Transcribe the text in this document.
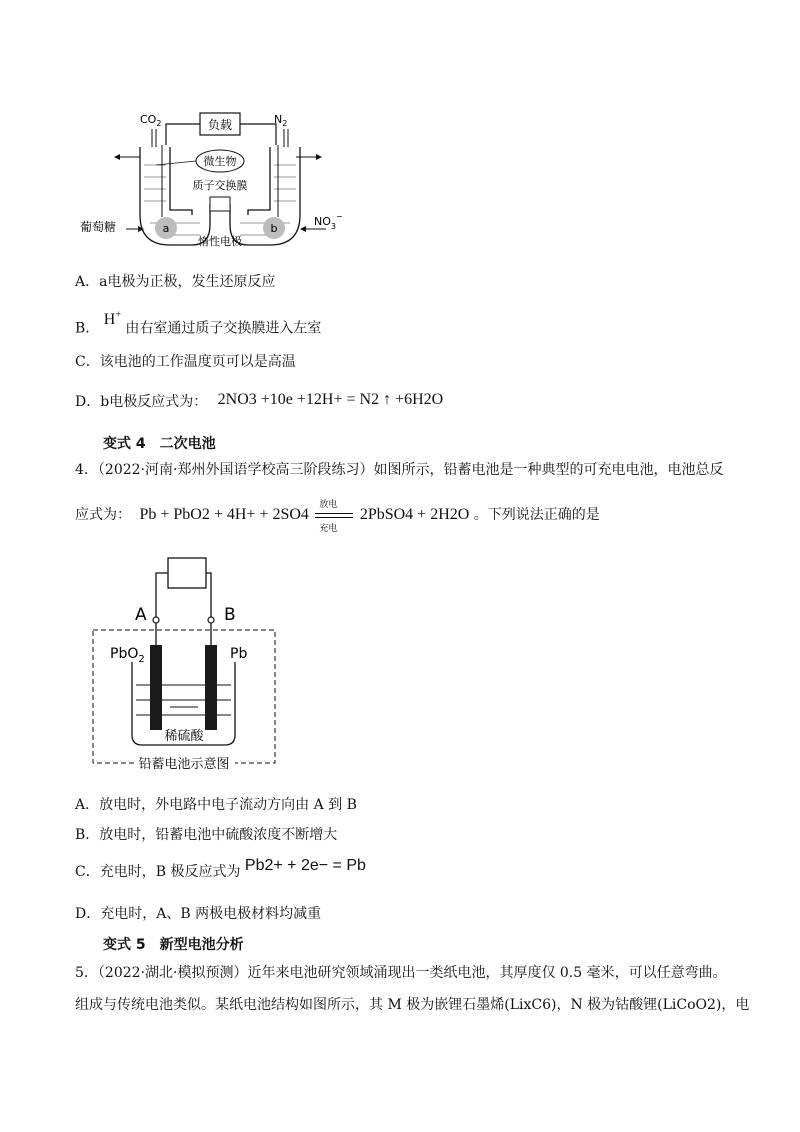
负载
$CO_2$	$N_2$
微生物
质子交换膜
a	b
惰性电极
葡萄糖	$NO_3^-$
A．a电极为正极，发生还原反应
B． H+ 由右室通过质子交换膜进入左室
C．该电池的工作温度页可以是高温
D．b电极反应式为： 2NO3 +10e +12H+ = N2 ↑ +6H2O
变式 4 二次电池
4．（2022·河南·郑州外国语学校高三阶段练习）如图所示，铅蓄电池是一种典型的可充电电池，电池总反
应式为： Pb + PbO2 + 4H+ + 2SO4
放电
充电
2PbSO4 + 2H2O 。下列说法正确的是
A	B
PbO$_2$	Pb
稀硫酸
铅蓄电池示意图
A．放电时，外电路中电子流动方向由 A 到 B
B．放电时，铅蓄电池中硫酸浓度不断增大
C．充电时，B 极反应式为 Pb2+ + 2e− = Pb
D．充电时，A、B 两极电极材料均减重
变式 5 新型电池分析
5．（2022·湖北·模拟预测）近年来电池研究领域涌现出一类纸电池，其厚度仅 0.5 毫米，可以任意弯曲。
组成与传统电池类似。某纸电池结构如图所示，其 M 极为嵌锂石墨烯(LixC6)，N 极为钴酸锂(LiCoO2)，电
